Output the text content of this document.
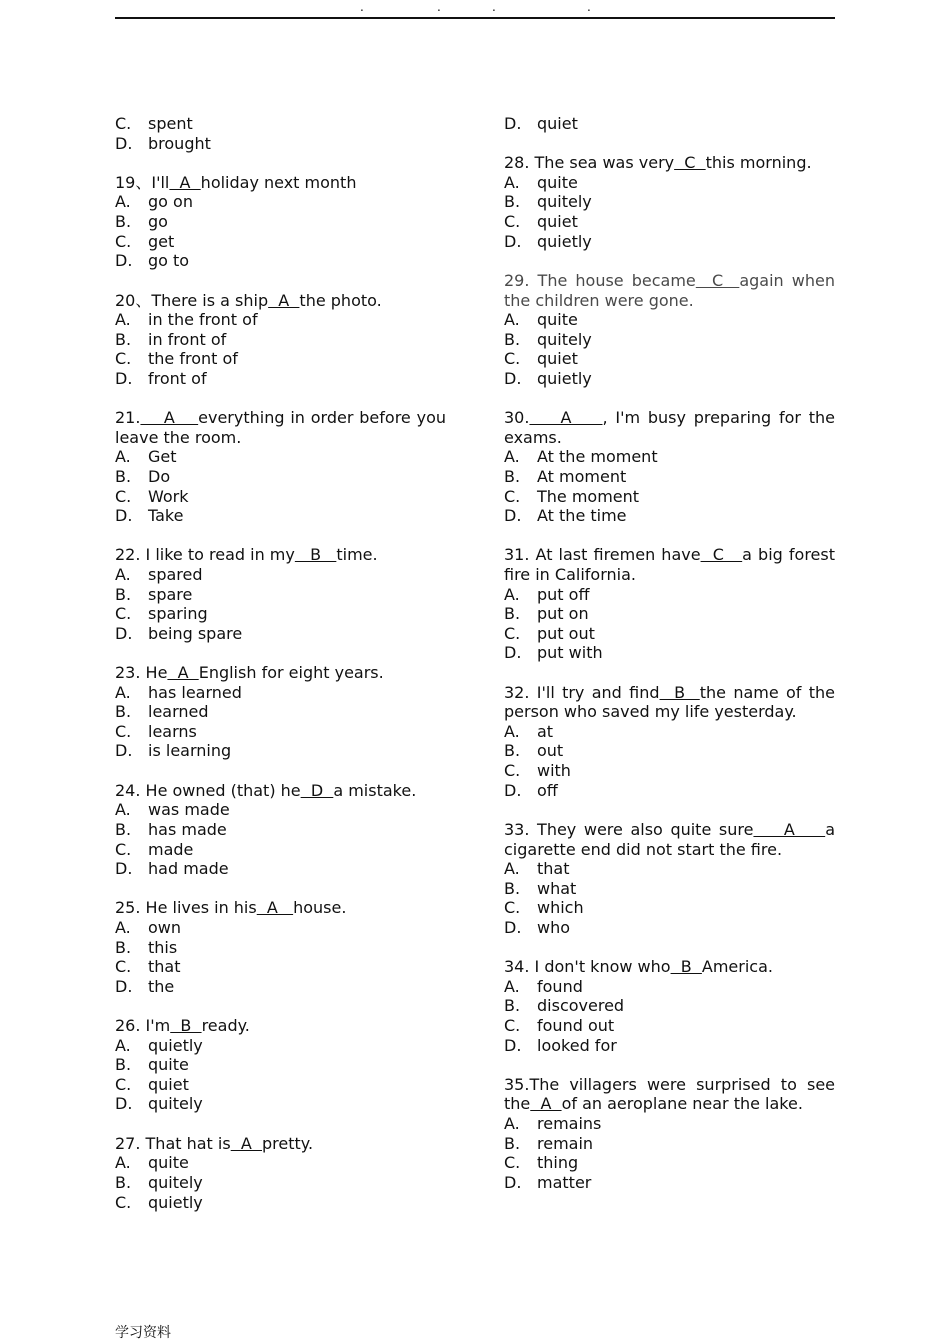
.	.	.	.
C.	spent
D. brought
19、I'll  A  holiday next month
A.	go on
B.	go
C.	get
D. go to
20、There is a ship  A  the photo.
A.	in the front of
B.	in front of
C.	the front of
D. front of
21.    A    everything in order before you leave the room.
A.	Get
B.	Do
C.	Work
D. Take
22. I like to read in my   B   time.
A.	spared
B.	spare
C.	sparing
D. being spare
23. He  A  English for eight years.
A.	has learned
B.	learned
C.	learns
D. is learning
24. He owned (that) he  D  a mistake.
A.	was made
B.	has made
C.	made
D. had made
25. He lives in his  A   house.
A.	own
B.	this
C.	that
D. the
26. I'm  B  ready.
A.	quietly
B.	quite
C.	quiet
D. quitely
27. That hat is  A  pretty.
A.	quite
B.	quitely
C.	quietly
D. quiet
28. The sea was very  C  this morning.
A.	quite
B.	quitely
C.	quiet
D. quietly
29. The house became  C  again when the children were gone.
A.	quite
B.	quitely
C.	quiet
D. quietly
30.    A    , I'm busy preparing for the exams.
A.	At the moment
B.	At moment
C.	The moment
D. At the time
31. At last firemen have  C   a big forest fire in California.
A.	put off
B.	put on
C.	put out
D. put with
32. I'll try and find  B  the name of the person who saved my life yesterday.
A.	at
B.	out
C.	with
D. off
33. They were also quite sure    A    a cigarette end did not start the fire.
A.	that
B.	what
C.	which
D. who
34. I don't know who  B  America.
A.	found
B.	discovered
C.	found out
D. looked for
35.The villagers were surprised to see the  A  of an aeroplane near the lake.
A.	remains
B.	remain
C.	thing
D. matter
学习资料
